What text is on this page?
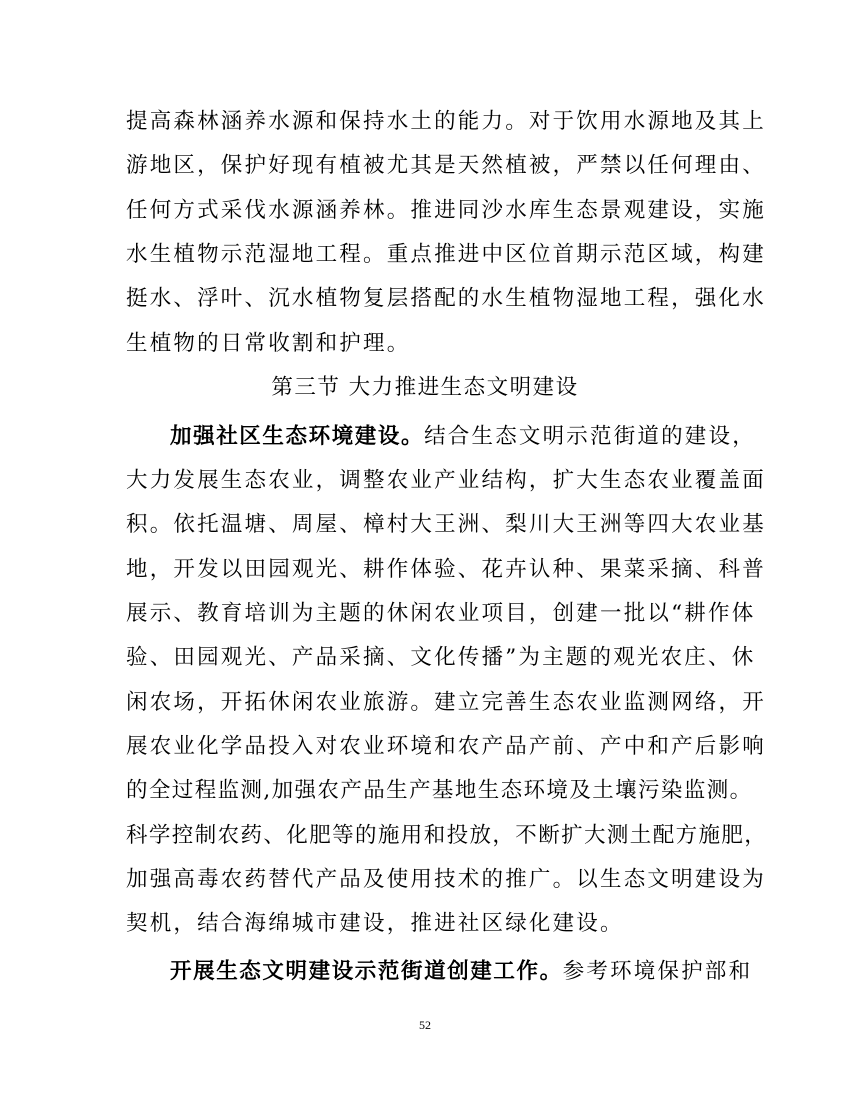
提高森林涵养水源和保持水土的能力。对于饮用水源地及其上
游地区，保护好现有植被尤其是天然植被，严禁以任何理由、
任何方式采伐水源涵养林。推进同沙水库生态景观建设，实施
水生植物示范湿地工程。重点推进中区位首期示范区域，构建
挺水、浮叶、沉水植物复层搭配的水生植物湿地工程，强化水
生植物的日常收割和护理。
第三节 大力推进生态文明建设
加强社区生态环境建设。结合生态文明示范街道的建设，
大力发展生态农业，调整农业产业结构，扩大生态农业覆盖面
积。依托温塘、周屋、樟村大王洲、梨川大王洲等四大农业基
地，开发以田园观光、耕作体验、花卉认种、果菜采摘、科普
展示、教育培训为主题的休闲农业项目，创建一批以“耕作体
验、田园观光、产品采摘、文化传播”为主题的观光农庄、休
闲农场，开拓休闲农业旅游。建立完善生态农业监测网络，开
展农业化学品投入对农业环境和农产品产前、产中和产后影响
的全过程监测,加强农产品生产基地生态环境及土壤污染监测。
科学控制农药、化肥等的施用和投放，不断扩大测土配方施肥，
加强高毒农药替代产品及使用技术的推广。以生态文明建设为
契机，结合海绵城市建设，推进社区绿化建设。
开展生态文明建设示范街道创建工作。参考环境保护部和
52
